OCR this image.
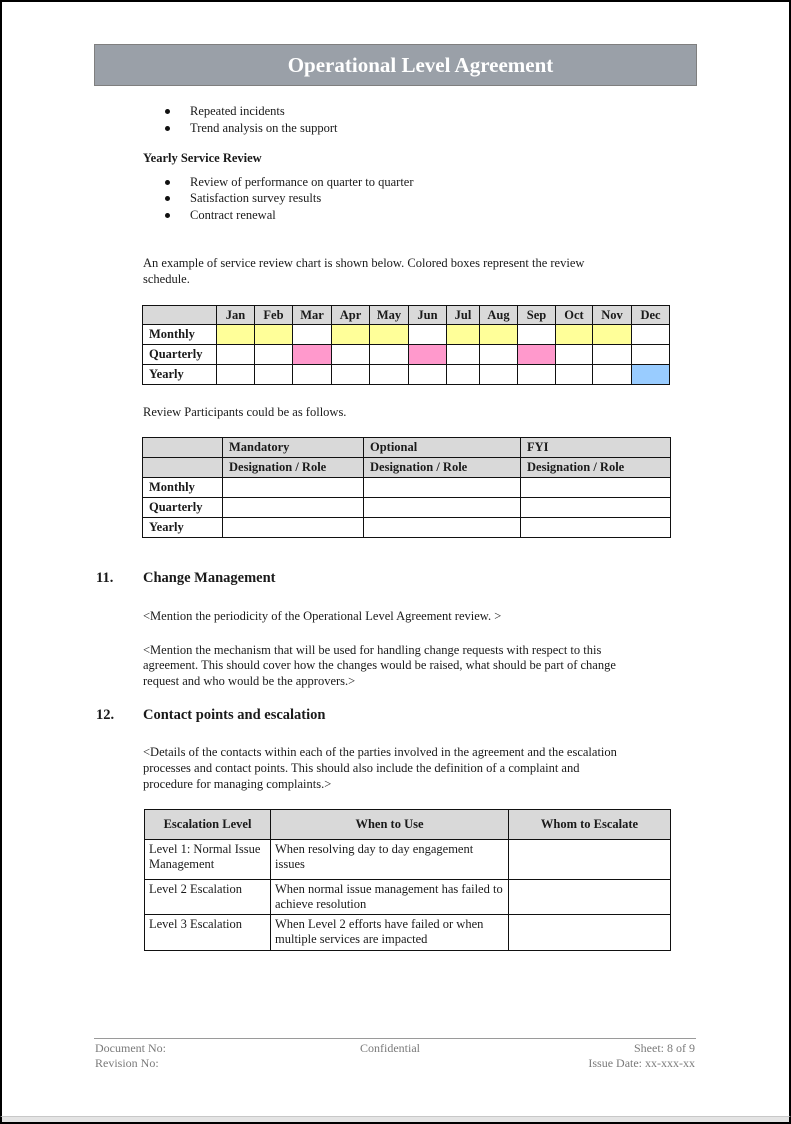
Operational Level Agreement
Repeated incidents
Trend analysis on the support
Yearly Service Review
Review of performance on quarter to quarter
Satisfaction survey results
Contract renewal
An example of service review chart is shown below. Colored boxes represent the review
schedule.
	Jan	Feb	Mar	Apr	May	Jun	Jul	Aug	Sep	Oct	Nov	Dec
Monthly												
Quarterly												
Yearly												
Review Participants could be as follows.
	Mandatory	Optional	FYI
	Designation / Role	Designation / Role	Designation / Role
Monthly			
Quarterly			
Yearly			
11. Change Management
<Mention the periodicity of the Operational Level Agreement review. >
<Mention the mechanism that will be used for handling change requests with respect to this
agreement. This should cover how the changes would be raised, what should be part of change
request and who would be the approvers.>
12. Contact points and escalation
<Details of the contacts within each of the parties involved in the agreement and the escalation
processes and contact points. This should also include the definition of a complaint and
procedure for managing complaints.>
Escalation Level	When to Use	Whom to Escalate
Level 1: Normal Issue Management	When resolving day to day engagement issues	
Level 2 Escalation	When normal issue management has failed to achieve resolution	
Level 3 Escalation	When Level 2 efforts have failed or when multiple services are impacted	
Document No:
Revision No:
Confidential	Sheet: 8 of 9
Issue Date: xx-xxx-xx
